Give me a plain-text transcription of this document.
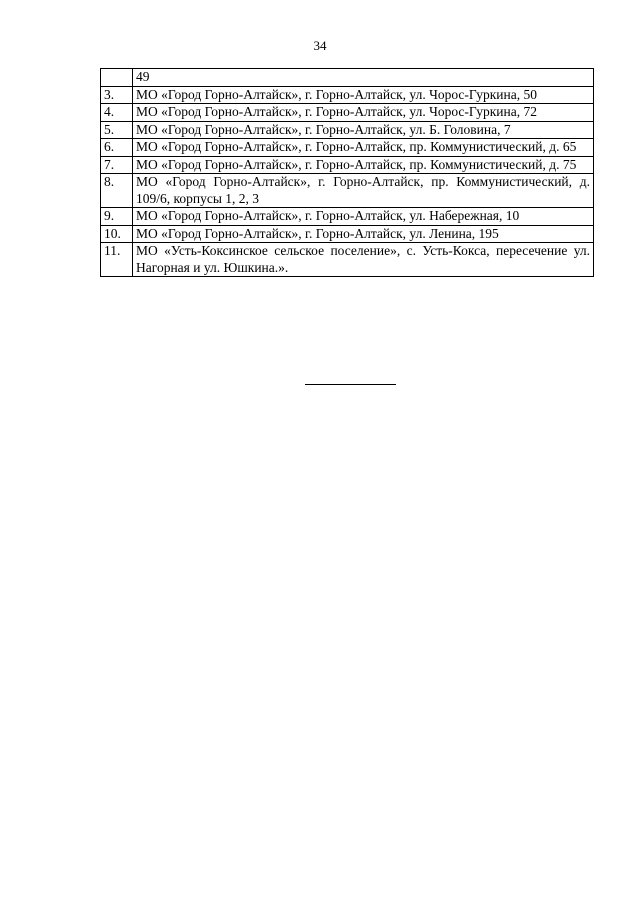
34
	49
3.	МО «Город Горно-Алтайск», г. Горно-Алтайск, ул. Чорос-Гуркина, 50
4.	МО «Город Горно-Алтайск», г. Горно-Алтайск, ул. Чорос-Гуркина, 72
5.	МО «Город Горно-Алтайск», г. Горно-Алтайск, ул. Б. Головина, 7
6.	МО «Город Горно-Алтайск», г. Горно-Алтайск, пр. Коммунистический, д. 65
7.	МО «Город Горно-Алтайск», г. Горно-Алтайск, пр. Коммунистический, д. 75
8.	МО «Город Горно-Алтайск», г. Горно-Алтайск, пр. Коммунистический, д. 109/6, корпусы 1, 2, 3
9.	МО «Город Горно-Алтайск», г. Горно-Алтайск, ул. Набережная, 10
10.	МО «Город Горно-Алтайск», г. Горно-Алтайск, ул. Ленина, 195
11.	МО «Усть-Коксинское сельское поселение», с. Усть-Кокса, пересечение ул. Нагорная и ул. Юшкина.».
